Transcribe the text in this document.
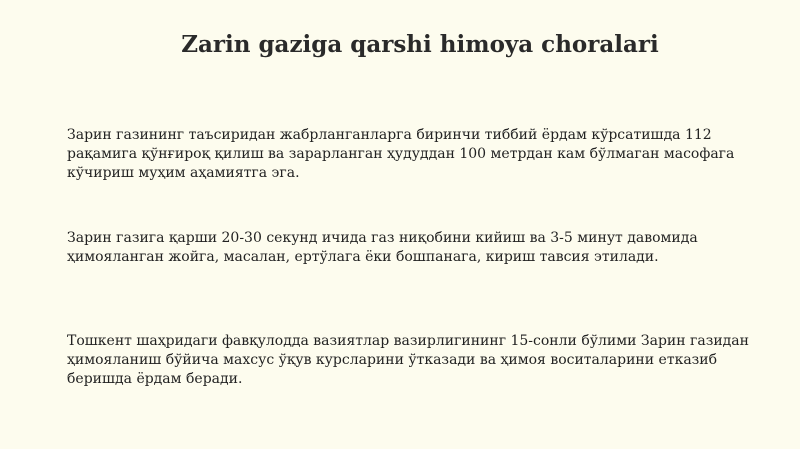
Zarin gaziga qarshi himoya choralari

Зарин газининг таъсиридан жабрланганларга биринчи тиббий ёрдам кўрсатишда 112 рақамига қўнғироқ қилиш ва зарарланган ҳудуддан 100 метрдан кам бўлмаган масофага кўчириш муҳим аҳамиятга эга.

Зарин газига қарши 20-30 секунд ичида газ ниқобини кийиш ва 3-5 минут давомида ҳимояланган жойга, масалан, ертўлага ёки бошпанага, кириш тавсия этилади.

Тошкент шаҳридаги фавқулодда вазиятлар вазирлигининг 15-сонли бўлими Зарин газидан ҳимояланиш бўйича махсус ўқув курсларини ўтказади ва ҳимоя воситаларини етказиб беришда ёрдам беради.
